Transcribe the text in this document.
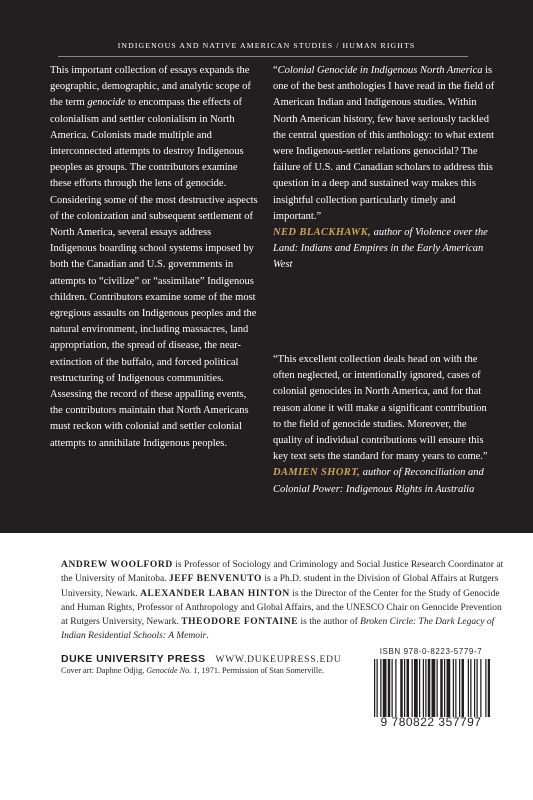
INDIGENOUS AND NATIVE AMERICAN STUDIES / HUMAN RIGHTS
This important collection of essays expands the geographic, demographic, and analytic scope of the term genocide to encompass the effects of colonialism and settler colonialism in North America. Colonists made multiple and interconnected attempts to destroy Indigenous peoples as groups. The contributors examine these efforts through the lens of genocide. Considering some of the most destructive aspects of the colonization and subsequent settlement of North America, several essays address Indigenous boarding school systems imposed by both the Canadian and U.S. governments in attempts to “civilize” or “assimilate” Indigenous children. Contributors examine some of the most egregious assaults on Indigenous peoples and the natural environment, including massacres, land appropriation, the spread of disease, the near-extinction of the buffalo, and forced political restructuring of Indigenous communities. Assessing the record of these appalling events, the contributors maintain that North Americans must reckon with colonial and settler colonial attempts to annihilate Indigenous peoples.
“Colonial Genocide in Indigenous North America is one of the best anthologies I have read in the field of American Indian and Indigenous studies. Within North American history, few have seriously tackled the central question of this anthology: to what extent were Indigenous-settler relations genocidal? The failure of U.S. and Canadian scholars to address this question in a deep and sustained way makes this insightful collection particularly timely and important.”
NED BLACKHAWK, author of Violence over the Land: Indians and Empires in the Early American West
“This excellent collection deals head on with the often neglected, or intentionally ignored, cases of colonial genocides in North America, and for that reason alone it will make a significant contribution to the field of genocide studies. Moreover, the quality of individual contributions will ensure this key text sets the standard for many years to come.”
DAMIEN SHORT, author of Reconciliation and Colonial Power: Indigenous Rights in Australia
ANDREW WOOLFORD is Professor of Sociology and Criminology and Social Justice Research Coordinator at the University of Manitoba. JEFF BENVENUTO is a Ph.D. student in the Division of Global Affairs at Rutgers University, Newark. ALEXANDER LABAN HINTON is the Director of the Center for the Study of Genocide and Human Rights, Professor of Anthropology and Global Affairs, and the UNESCO Chair on Genocide Prevention at Rutgers University, Newark. THEODORE FONTAINE is the author of Broken Circle: The Dark Legacy of Indian Residential Schools: A Memoir.
DUKE UNIVERSITY PRESS WWW.DUKEUPRESS.EDU
Cover art: Daphne Odjig, Genocide No. 1, 1971. Permission of Stan Somerville.
ISBN 978-0-8223-5779-7
9 780822 357797
